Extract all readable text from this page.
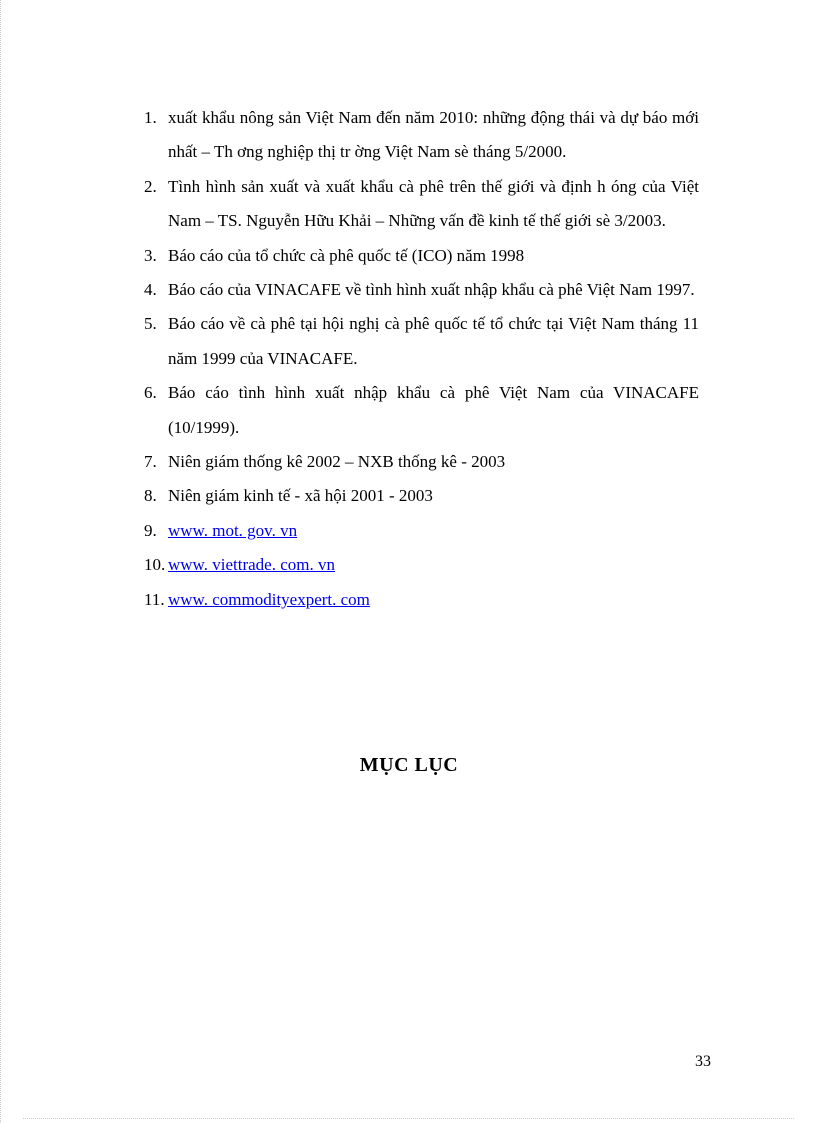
1. xuất khẩu nông sản Việt Nam đến năm 2010: những động thái và dự báo mới nhất – Th ơng nghiệp thị tr ờng Việt Nam sè tháng 5/2000.
2. Tình hình sản xuất và xuất khẩu cà phê trên thế giới và định h óng của Việt Nam – TS. Nguyễn Hữu Khải – Những vấn đề kinh tế thế giới sè 3/2003.
3. Báo cáo của tổ chức cà phê quốc tế (ICO) năm 1998
4. Báo cáo của VINACAFE về tình hình xuất nhập khẩu cà phê Việt Nam 1997.
5. Báo cáo về cà phê tại hội nghị cà phê quốc tế tổ chức tại Việt Nam tháng 11 năm 1999 của VINACAFE.
6. Báo cáo tình hình xuất nhập khẩu cà phê Việt Nam của VINACAFE (10/1999).
7. Niên giám thống kê 2002 – NXB thống kê - 2003
8. Niên giám kinh tế - xã hội 2001 - 2003
9. www. mot. gov. vn
10. www. viettrade. com. vn
11. www. commodityexpert. com
MỤC LỤC
33
